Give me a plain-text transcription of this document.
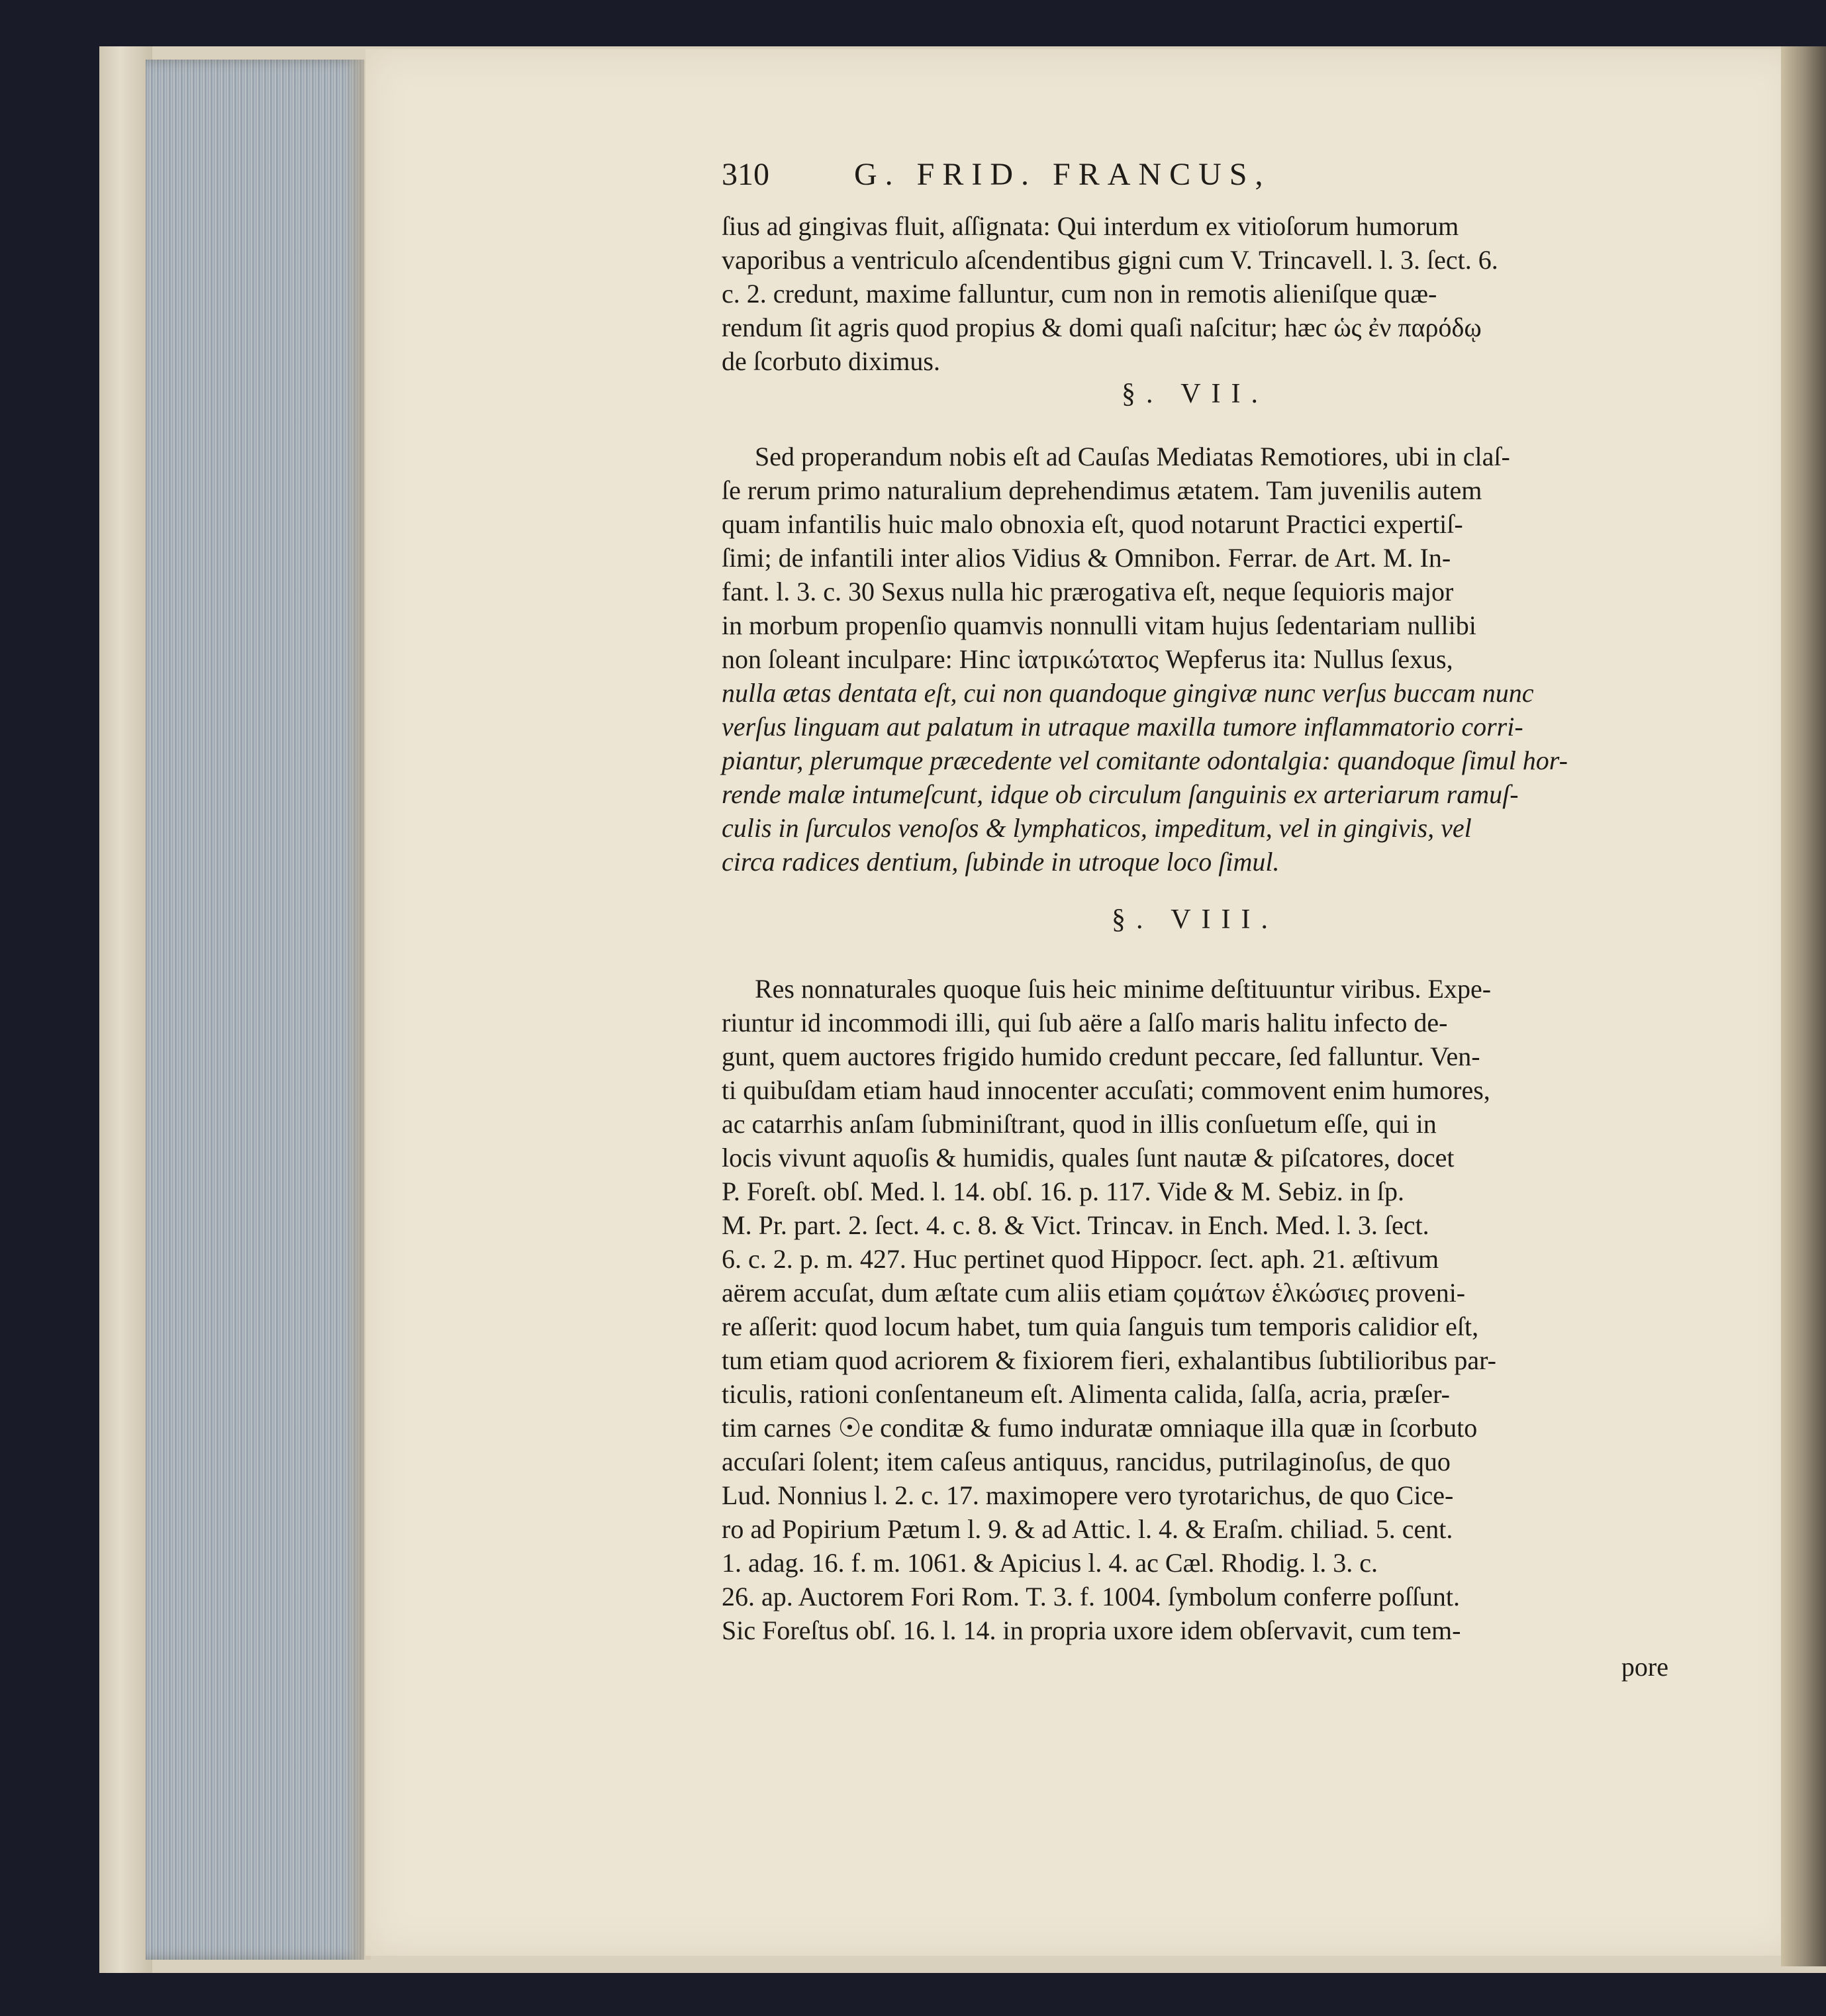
310	G. FRID. FRANCUS,
ſius ad gingivas fluit, aſſignata: Qui interdum ex vitioſorum humorum
vaporibus a ventriculo aſcendentibus gigni cum V. Trincavell. l. 3. ſect. 6.
c. 2. credunt, maxime falluntur, cum non in remotis alieniſque quæ-
rendum ſit agris quod propius & domi quaſi naſcitur; hæc ὡς ἐν παρόδῳ
de ſcorbuto diximus.
§. VII.
Sed properandum nobis eſt ad Cauſas Mediatas Remotiores, ubi in claſ-
ſe rerum primo naturalium deprehendimus ætatem. Tam juvenilis autem
quam infantilis huic malo obnoxia eſt, quod notarunt Practici expertiſ-
ſimi; de infantili inter alios Vidius & Omnibon. Ferrar. de Art. M. In-
fant. l. 3. c. 30 Sexus nulla hic prærogativa eſt, neque ſequioris major
in morbum propenſio quamvis nonnulli vitam hujus ſedentariam nullibi
non ſoleant inculpare: Hinc ἰατρικώτατος Wepferus ita: Nullus ſexus,
nulla ætas dentata eſt, cui non quandoque gingivæ nunc verſus buccam nunc
verſus linguam aut palatum in utraque maxilla tumore inflammatorio corri-
piantur, plerumque præcedente vel comitante odontalgia: quandoque ſimul hor-
rende malæ intumeſcunt, idque ob circulum ſanguinis ex arteriarum ramuſ-
culis in ſurculos venoſos & lymphaticos, impeditum, vel in gingivis, vel
circa radices dentium, ſubinde in utroque loco ſimul.
§. VIII.
Res nonnaturales quoque ſuis heic minime deſtituuntur viribus. Expe-
riuntur id incommodi illi, qui ſub aëre a ſalſo maris halitu infecto de-
gunt, quem auctores frigido humido credunt peccare, ſed falluntur. Ven-
ti quibuſdam etiam haud innocenter accuſati; commovent enim humores,
ac catarrhis anſam ſubminiſtrant, quod in illis conſuetum eſſe, qui in
locis vivunt aquoſis & humidis, quales ſunt nautæ & piſcatores, docet
P. Foreſt. obſ. Med. l. 14. obſ. 16. p. 117. Vide & M. Sebiz. in ſp.
M. Pr. part. 2. ſect. 4. c. 8. & Vict. Trincav. in Ench. Med. l. 3. ſect.
6. c. 2. p. m. 427. Huc pertinet quod Hippocr. ſect. aph. 21. æſtivum
aërem accuſat, dum æſtate cum aliis etiam ςομάτων ἑλκώσιες proveni-
re aſſerit: quod locum habet, tum quia ſanguis tum temporis calidior eſt,
tum etiam quod acriorem & fixiorem fieri, exhalantibus ſubtilioribus par-
ticulis, rationi conſentaneum eſt. Alimenta calida, ſalſa, acria, præſer-
tim carnes ☉e conditæ & fumo induratæ omniaque illa quæ in ſcorbuto
accuſari ſolent; item caſeus antiquus, rancidus, putrilaginoſus, de quo
Lud. Nonnius l. 2. c. 17. maximopere vero tyrotarichus, de quo Cice-
ro ad Popirium Pætum l. 9. & ad Attic. l. 4. & Eraſm. chiliad. 5. cent.
1. adag. 16. f. m. 1061. & Apicius l. 4. ac Cæl. Rhodig. l. 3. c.
26. ap. Auctorem Fori Rom. T. 3. f. 1004. ſymbolum conferre poſſunt.
Sic Foreſtus obſ. 16. l. 14. in propria uxore idem obſervavit, cum tem-
pore
